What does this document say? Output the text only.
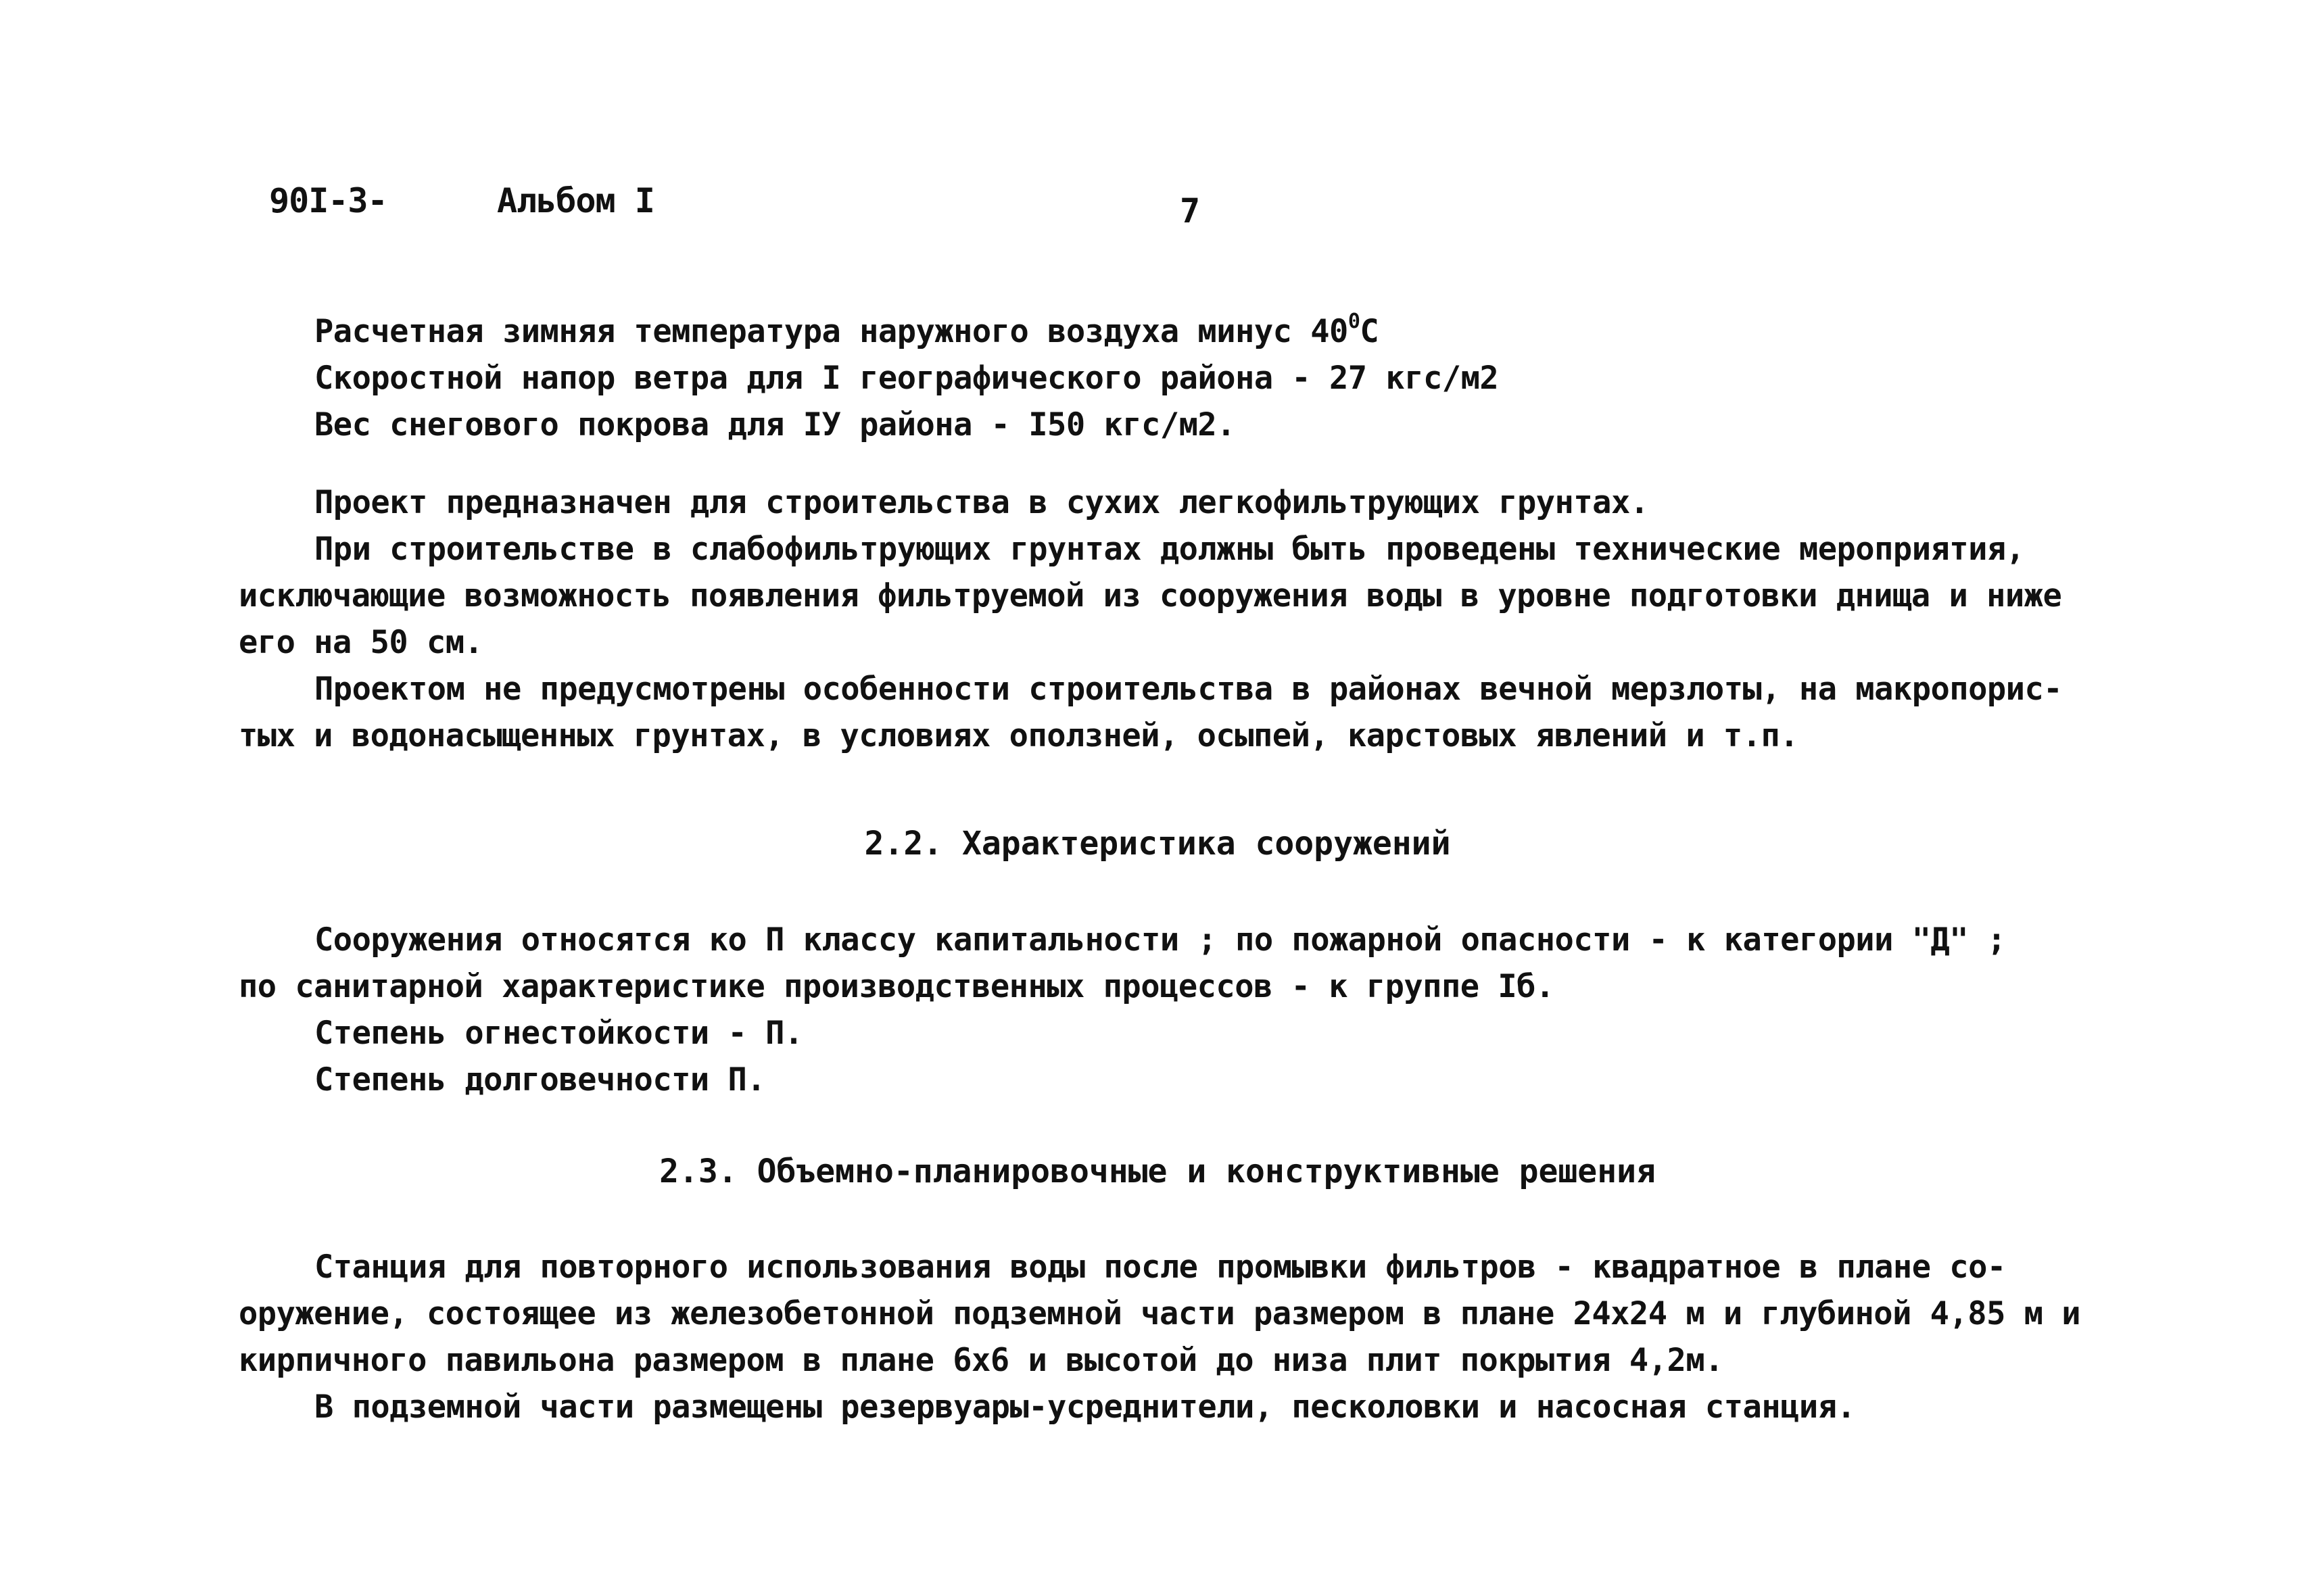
90I-3-	Альбом I	7
Расчетная зимняя температура наружного воздуха минус $40^0С$
Скоростной напор ветра для I географического района - 27 кгс/м2
Вес снегового покрова для IУ района - I50 кгс/м2.
Проект предназначен для строительства в сухих легкофильтрующих грунтах.
При строительстве в слабофильтрующих грунтах должны быть проведены технические мероприятия,
исключающие возможность появления фильтруемой из сооружения воды в уровне подготовки днища и ниже
его на 50 см.
Проектом не предусмотрены особенности строительства в районах вечной мерзлоты, на макропорис-
тых и водонасыщенных грунтах, в условиях оползней, осыпей, карстовых явлений и т.п.
2.2. Характеристика сооружений
Сооружения относятся ко П классу капитальности ; по пожарной опасности - к категории "Д" ;
по санитарной характеристике производственных процессов - к группе Iб.
Степень огнестойкости - П.
Степень долговечности П.
2.3. Объемно-планировочные и конструктивные решения
Станция для повторного использования воды после промывки фильтров - квадратное в плане со-
оружение, состоящее из железобетонной подземной части размером в плане 24х24 м и глубиной 4,85 м и
кирпичного павильона размером в плане 6х6 и высотой до низа плит покрытия 4,2м.
В подземной части размещены резервуары-усреднители, песколовки и насосная станция.
